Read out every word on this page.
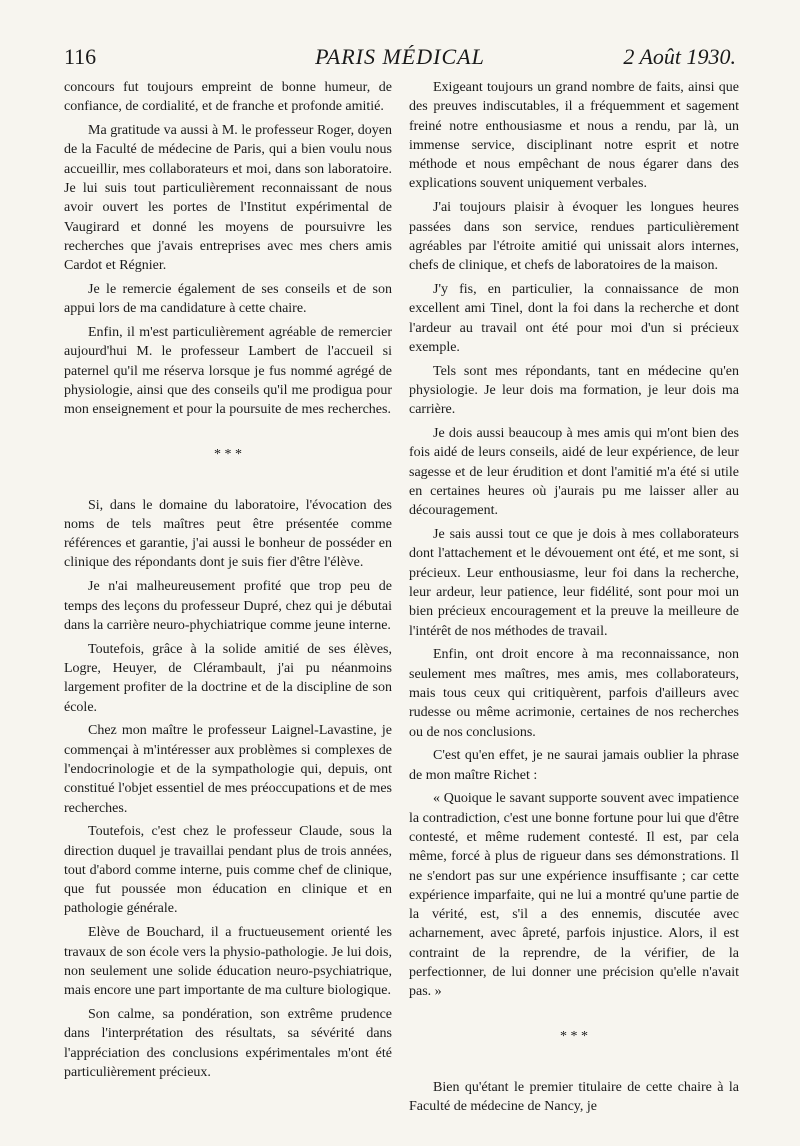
116	PARIS MÉDICAL	2 Août 1930.

concours fut toujours empreint de bonne humeur, de confiance, de cordialité, et de franche et profonde amitié.

Ma gratitude va aussi à M. le professeur Roger, doyen de la Faculté de médecine de Paris, qui a bien voulu nous accueillir, mes collaborateurs et moi, dans son laboratoire. Je lui suis tout particulièrement reconnaissant de nous avoir ouvert les portes de l'Institut expérimental de Vaugirard et donné les moyens de poursuivre les recherches que j'avais entreprises avec mes chers amis Cardot et Régnier.

Je le remercie également de ses conseils et de son appui lors de ma candidature à cette chaire.

Enfin, il m'est particulièrement agréable de remercier aujourd'hui M. le professeur Lambert de l'accueil si paternel qu'il me réserva lorsque je fus nommé agrégé de physiologie, ainsi que des conseils qu'il me prodigua pour mon enseignement et pour la poursuite de mes recherches.

* * *

Si, dans le domaine du laboratoire, l'évocation des noms de tels maîtres peut être présentée comme références et garantie, j'ai aussi le bonheur de posséder en clinique des répondants dont je suis fier d'être l'élève.

Je n'ai malheureusement profité que trop peu de temps des leçons du professeur Dupré, chez qui je débutai dans la carrière neuro-phychiatrique comme jeune interne.

Toutefois, grâce à la solide amitié de ses élèves, Logre, Heuyer, de Clérambault, j'ai pu néanmoins largement profiter de la doctrine et de la discipline de son école.

Chez mon maître le professeur Laignel-Lavastine, je commençai à m'intéresser aux problèmes si complexes de l'endocrinologie et de la sympathologie qui, depuis, ont constitué l'objet essentiel de mes préoccupations et de mes recherches.

Toutefois, c'est chez le professeur Claude, sous la direction duquel je travaillai pendant plus de trois années, tout d'abord comme interne, puis comme chef de clinique, que fut poussée mon éducation en clinique et en pathologie générale.

Elève de Bouchard, il a fructueusement orienté les travaux de son école vers la physio-pathologie. Je lui dois, non seulement une solide éducation neuro-psychiatrique, mais encore une part importante de ma culture biologique.

Son calme, sa pondération, son extrême prudence dans l'interprétation des résultats, sa sévérité dans l'appréciation des conclusions expérimentales m'ont été particulièrement précieux.

Exigeant toujours un grand nombre de faits, ainsi que des preuves indiscutables, il a fréquemment et sagement freiné notre enthousiasme et nous a rendu, par là, un immense service, disciplinant notre esprit et notre méthode et nous empêchant de nous égarer dans des explications souvent uniquement verbales.

J'ai toujours plaisir à évoquer les longues heures passées dans son service, rendues particulièrement agréables par l'étroite amitié qui unissait alors internes, chefs de clinique, et chefs de laboratoires de la maison.

J'y fis, en particulier, la connaissance de mon excellent ami Tinel, dont la foi dans la recherche et dont l'ardeur au travail ont été pour moi d'un si précieux exemple.

Tels sont mes répondants, tant en médecine qu'en physiologie. Je leur dois ma formation, je leur dois ma carrière.

Je dois aussi beaucoup à mes amis qui m'ont bien des fois aidé de leurs conseils, aidé de leur expérience, de leur sagesse et de leur érudition et dont l'amitié m'a été si utile en certaines heures où j'aurais pu me laisser aller au découragement.

Je sais aussi tout ce que je dois à mes collaborateurs dont l'attachement et le dévouement ont été, et me sont, si précieux. Leur enthousiasme, leur foi dans la recherche, leur ardeur, leur patience, leur fidélité, sont pour moi un bien précieux encouragement et la preuve la meilleure de l'intérêt de nos méthodes de travail.

Enfin, ont droit encore à ma reconnaissance, non seulement mes maîtres, mes amis, mes collaborateurs, mais tous ceux qui critiquèrent, parfois d'ailleurs avec rudesse ou même acrimonie, certaines de nos recherches ou de nos conclusions.

C'est qu'en effet, je ne saurai jamais oublier la phrase de mon maître Richet :

« Quoique le savant supporte souvent avec impatience la contradiction, c'est une bonne fortune pour lui que d'être contesté, et même rudement contesté. Il est, par cela même, forcé à plus de rigueur dans ses démonstrations. Il ne s'endort pas sur une expérience insuffisante ; car cette expérience imparfaite, qui ne lui a montré qu'une partie de la vérité, est, s'il a des ennemis, discutée avec acharnement, avec âpreté, parfois injustice. Alors, il est contraint de la reprendre, de la vérifier, de la perfectionner, de lui donner une précision qu'elle n'avait pas. »

* * *

Bien qu'étant le premier titulaire de cette chaire à la Faculté de médecine de Nancy, je
